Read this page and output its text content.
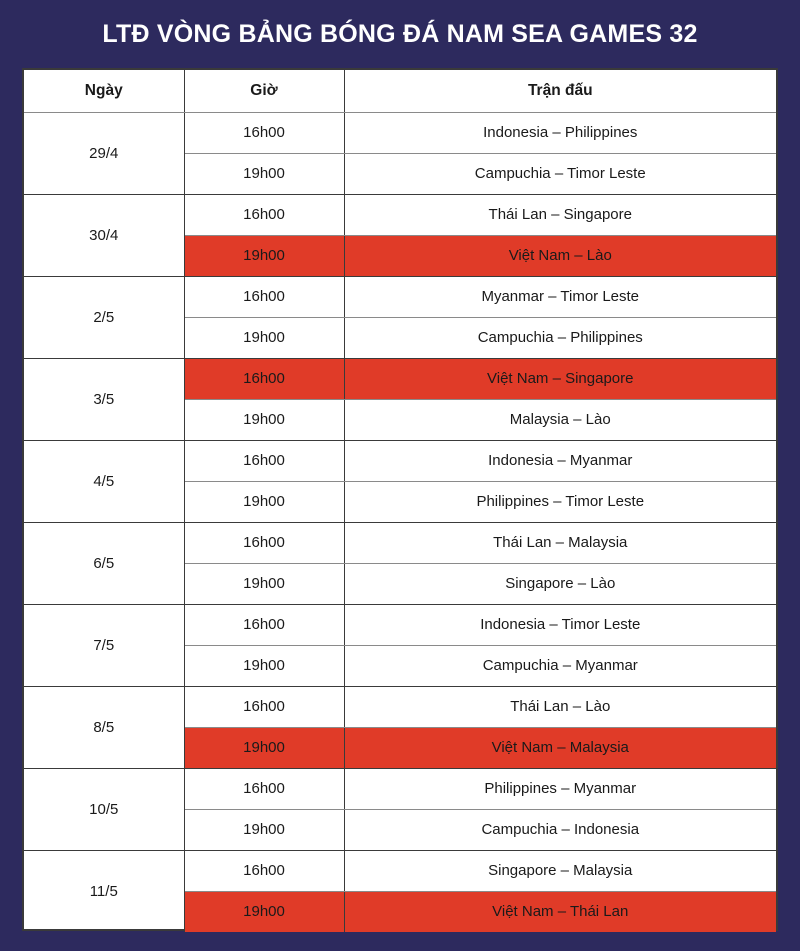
LTĐ VÒNG BẢNG BÓNG ĐÁ NAM SEA GAMES 32
Ngày	Giờ	Trận đấu
29/4	16h00	Indonesia – Philippines
	19h00	Campuchia – Timor Leste
30/4	16h00	Thái Lan – Singapore
	19h00	Việt Nam – Lào
2/5	16h00	Myanmar – Timor Leste
	19h00	Campuchia – Philippines
3/5	16h00	Việt Nam – Singapore
	19h00	Malaysia – Lào
4/5	16h00	Indonesia – Myanmar
	19h00	Philippines – Timor Leste
6/5	16h00	Thái Lan – Malaysia
	19h00	Singapore – Lào
7/5	16h00	Indonesia – Timor Leste
	19h00	Campuchia – Myanmar
8/5	16h00	Thái Lan – Lào
	19h00	Việt Nam – Malaysia
10/5	16h00	Philippines – Myanmar
	19h00	Campuchia – Indonesia
11/5	16h00	Singapore – Malaysia
	19h00	Việt Nam – Thái Lan
